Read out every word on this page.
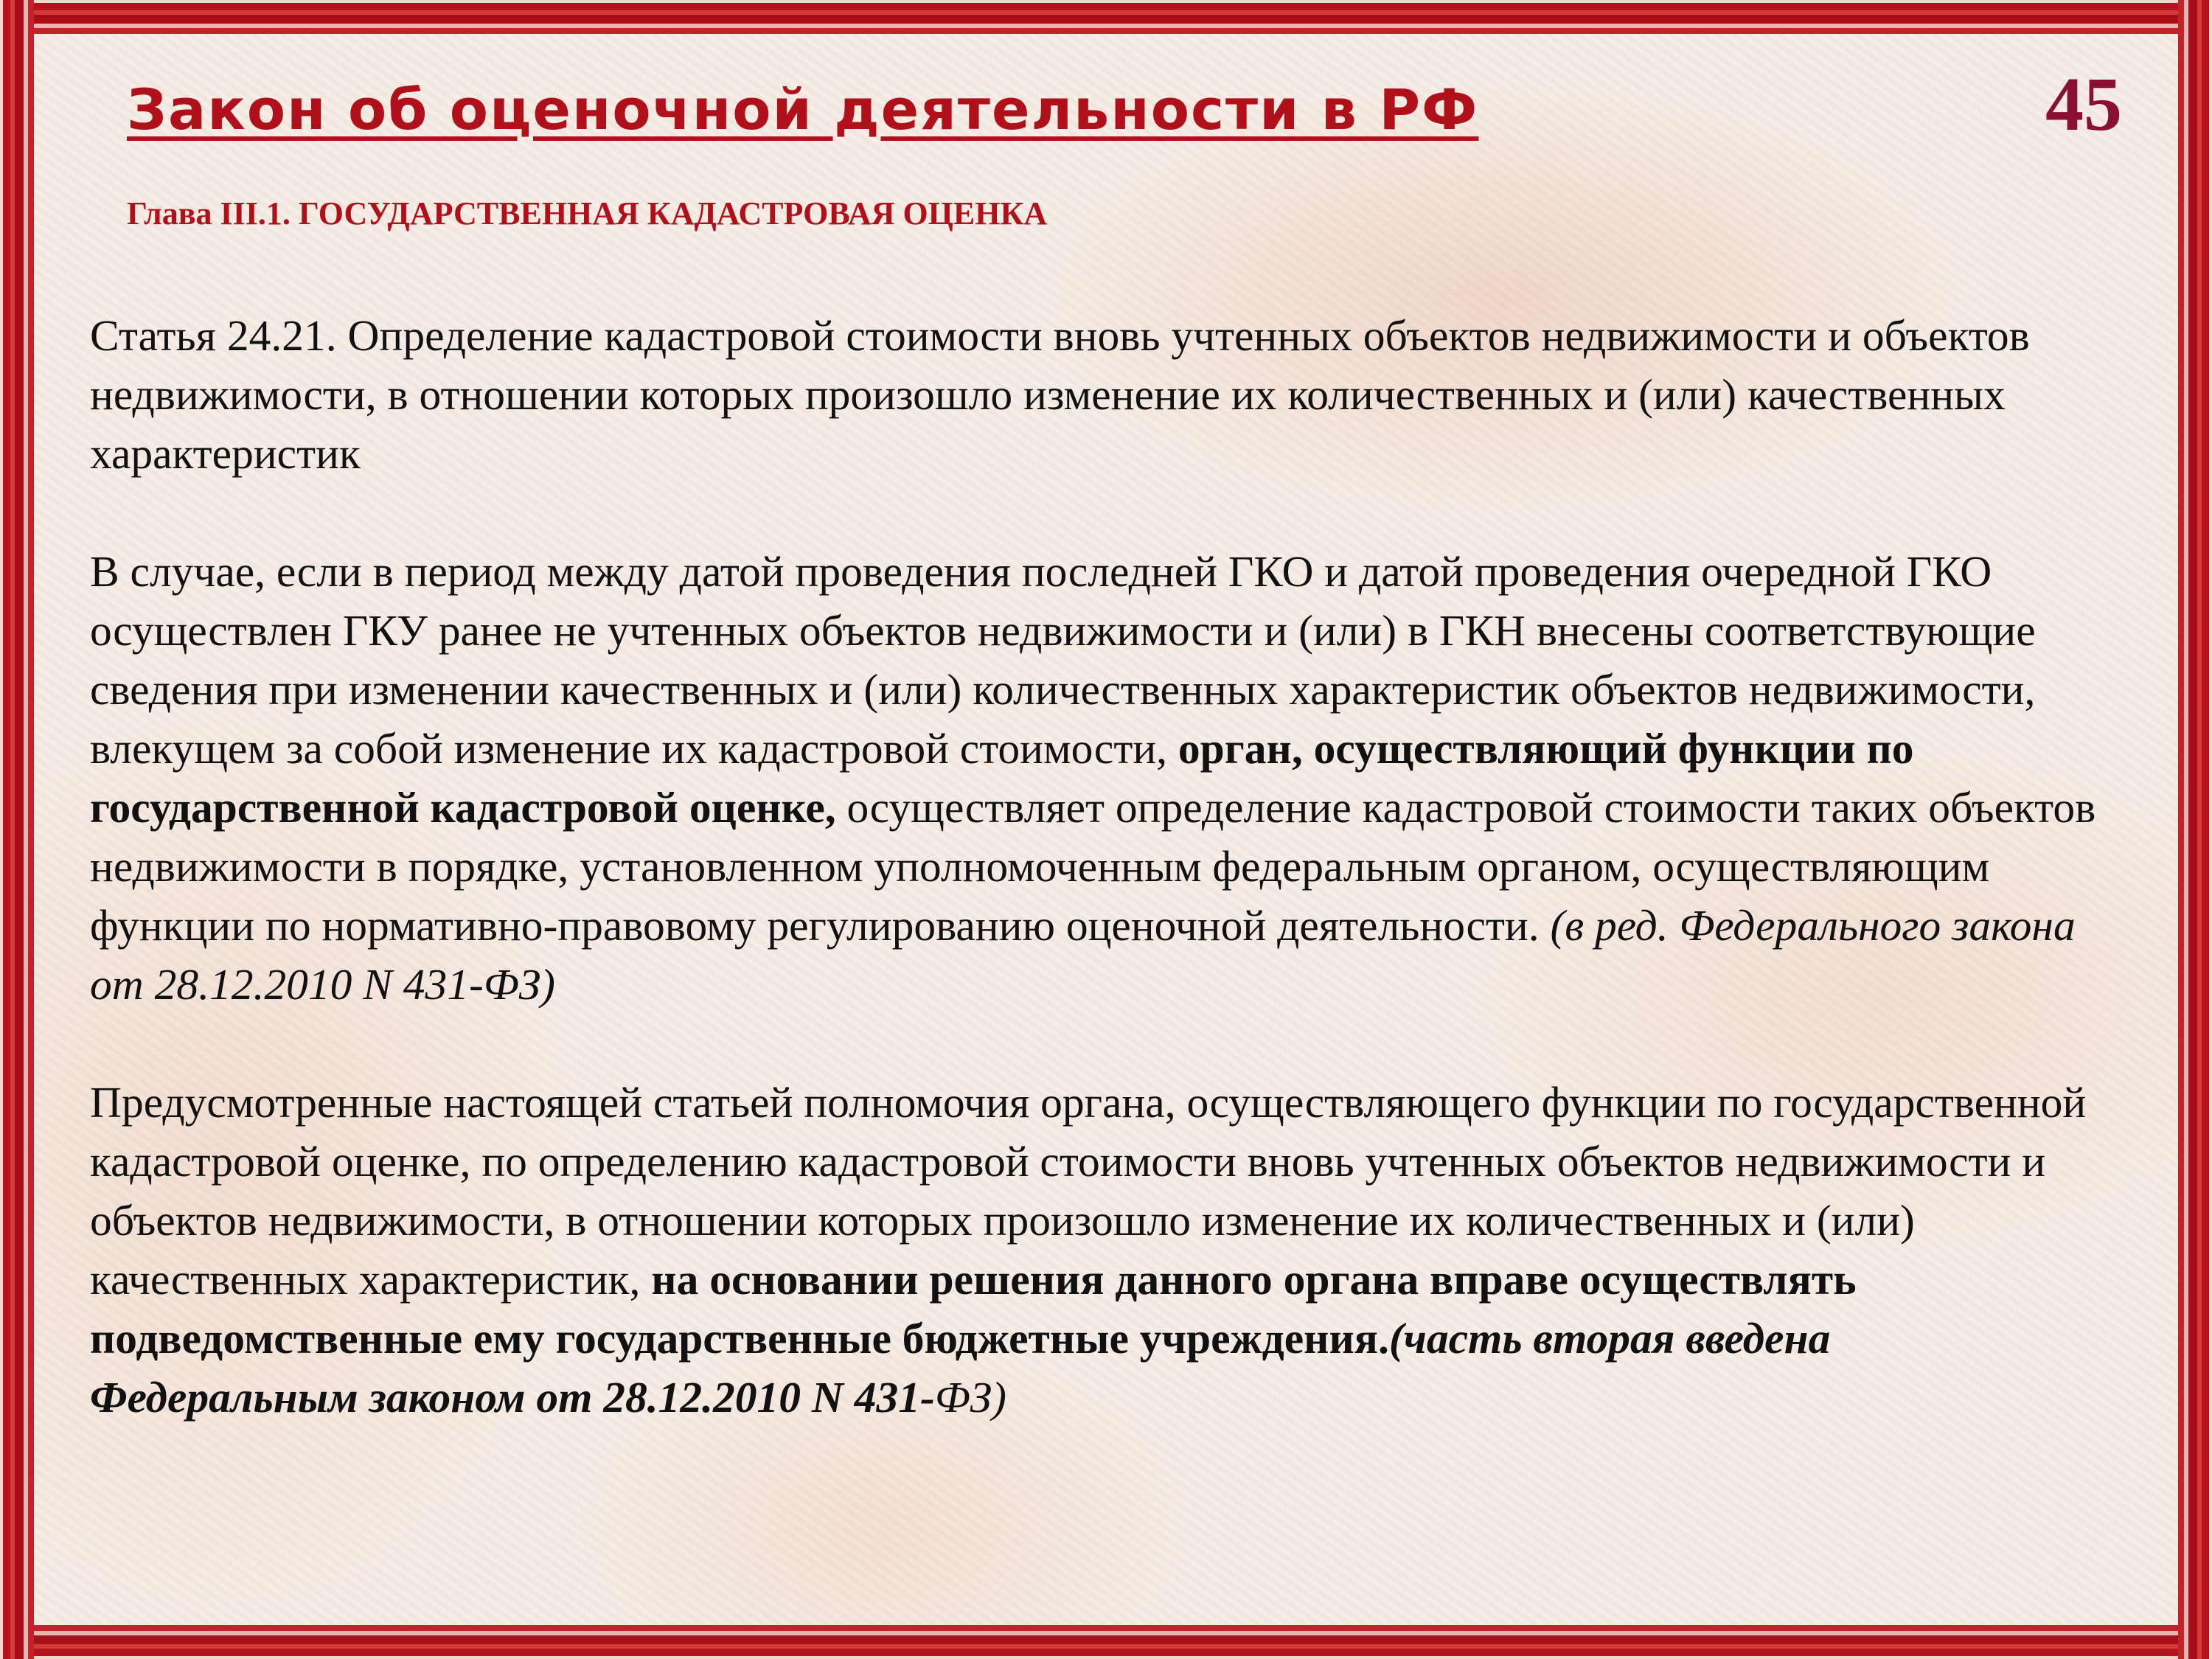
Закон об оценочной деятельности в РФ	45
Глава III.1. ГОСУДАРСТВЕННАЯ КАДАСТРОВАЯ ОЦЕНКА

Статья 24.21. Определение кадастровой стоимости вновь учтенных объектов недвижимости и объектов недвижимости, в отношении которых произошло изменение их количественных и (или) качественных характеристик

В случае, если в период между датой проведения последней ГКО и датой проведения очередной ГКО осуществлен ГКУ ранее не учтенных объектов недвижимости и (или) в ГКН внесены соответствующие сведения при изменении качественных и (или) количественных характеристик объектов недвижимости, влекущем за собой изменение их кадастровой стоимости, орган, осуществляющий функции по государственной кадастровой оценке, осуществляет определение кадастровой стоимости таких объектов недвижимости в порядке, установленном уполномоченным федеральным органом, осуществляющим функции по нормативно-правовому регулированию оценочной деятельности. (в ред. Федерального закона от 28.12.2010 N 431-ФЗ)

Предусмотренные настоящей статьей полномочия органа, осуществляющего функции по государственной кадастровой оценке, по определению кадастровой стоимости вновь учтенных объектов недвижимости и объектов недвижимости, в отношении которых произошло изменение их количественных и (или) качественных характеристик, на основании решения данного органа вправе осуществлять подведомственные ему государственные бюджетные учреждения.(часть вторая введена Федеральным законом от 28.12.2010 N 431-ФЗ)
